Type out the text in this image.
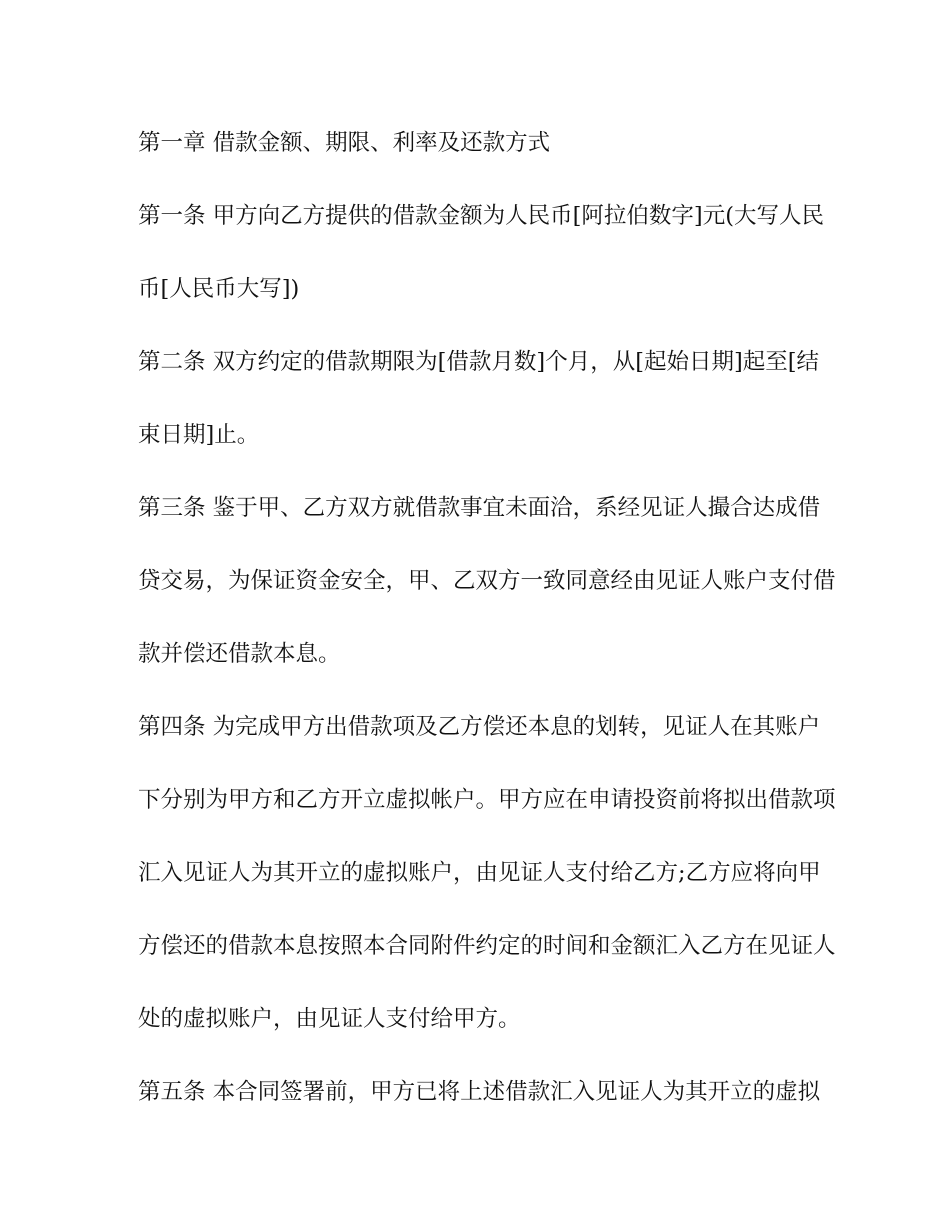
第一章 借款金额、期限、利率及还款方式
第一条 甲方向乙方提供的借款金额为人民币[阿拉伯数字]元(大写人民
币[人民币大写])
第二条 双方约定的借款期限为[借款月数]个月，从[起始日期]起至[结
束日期]止。
第三条 鉴于甲、乙方双方就借款事宜未面洽，系经见证人撮合达成借
贷交易，为保证资金安全，甲、乙双方一致同意经由见证人账户支付借
款并偿还借款本息。
第四条 为完成甲方出借款项及乙方偿还本息的划转，见证人在其账户
下分别为甲方和乙方开立虚拟帐户。甲方应在申请投资前将拟出借款项
汇入见证人为其开立的虚拟账户，由见证人支付给乙方;乙方应将向甲
方偿还的借款本息按照本合同附件约定的时间和金额汇入乙方在见证人
处的虚拟账户，由见证人支付给甲方。
第五条 本合同签署前，甲方已将上述借款汇入见证人为其开立的虚拟
